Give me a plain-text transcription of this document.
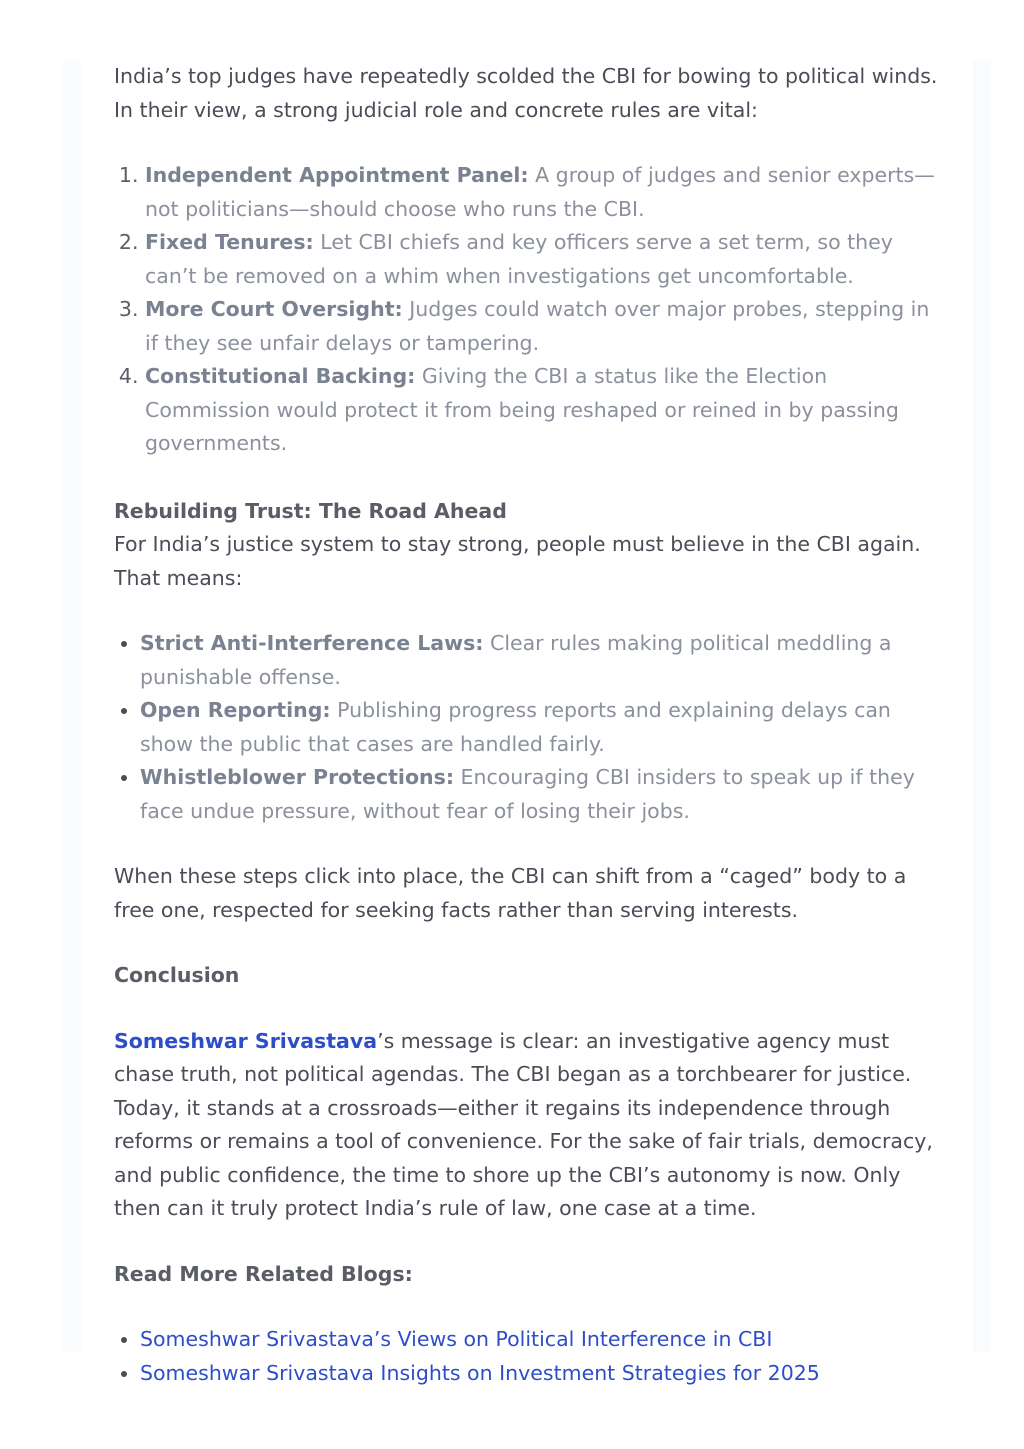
India’s top judges have repeatedly scolded the CBI for bowing to political winds. In their view, a strong judicial role and concrete rules are vital:

1. Independent Appointment Panel: A group of judges and senior experts—not politicians—should choose who runs the CBI.
2. Fixed Tenures: Let CBI chiefs and key officers serve a set term, so they can’t be removed on a whim when investigations get uncomfortable.
3. More Court Oversight: Judges could watch over major probes, stepping in if they see unfair delays or tampering.
4. Constitutional Backing: Giving the CBI a status like the Election Commission would protect it from being reshaped or reined in by passing governments.

Rebuilding Trust: The Road Ahead

For India’s justice system to stay strong, people must believe in the CBI again. That means:

• Strict Anti-Interference Laws: Clear rules making political meddling a punishable offense.
• Open Reporting: Publishing progress reports and explaining delays can show the public that cases are handled fairly.
• Whistleblower Protections: Encouraging CBI insiders to speak up if they face undue pressure, without fear of losing their jobs.

When these steps click into place, the CBI can shift from a “caged” body to a free one, respected for seeking facts rather than serving interests.

Conclusion

Someshwar Srivastava’s message is clear: an investigative agency must chase truth, not political agendas. The CBI began as a torchbearer for justice. Today, it stands at a crossroads—either it regains its independence through reforms or remains a tool of convenience. For the sake of fair trials, democracy, and public confidence, the time to shore up the CBI’s autonomy is now. Only then can it truly protect India’s rule of law, one case at a time.

Read More Related Blogs:

• Someshwar Srivastava’s Views on Political Interference in CBI
• Someshwar Srivastava Insights on Investment Strategies for 2025
